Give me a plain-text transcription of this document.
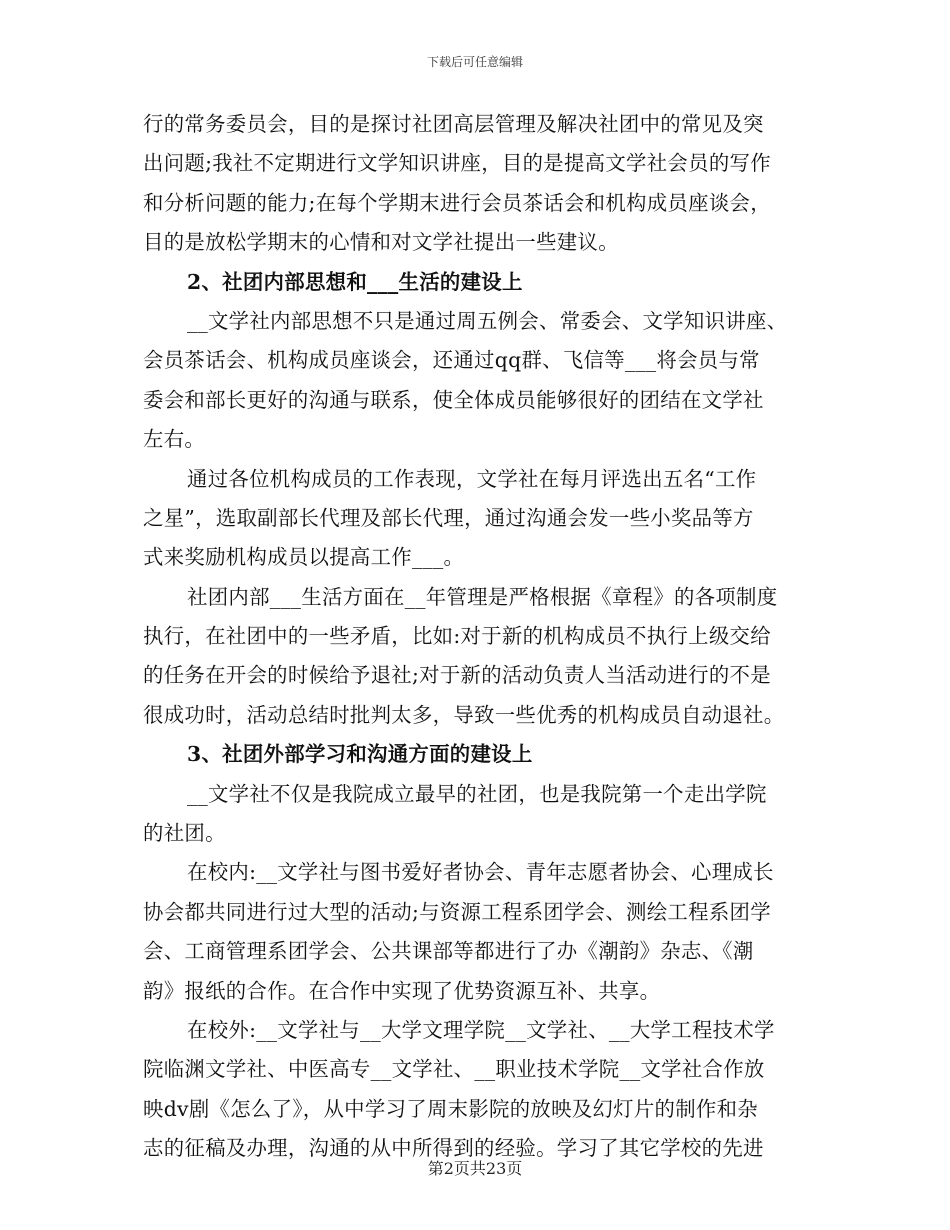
下载后可任意编辑
行的常务委员会，目的是探讨社团高层管理及解决社团中的常见及突
出问题;我社不定期进行文学知识讲座，目的是提高文学社会员的写作
和分析问题的能力;在每个学期末进行会员茶话会和机构成员座谈会，
目的是放松学期末的心情和对文学社提出一些建议。
2、社团内部思想和___生活的建设上
__文学社内部思想不只是通过周五例会、常委会、文学知识讲座、
会员茶话会、机构成员座谈会，还通过qq群、飞信等___将会员与常
委会和部长更好的沟通与联系，使全体成员能够很好的团结在文学社
左右。
通过各位机构成员的工作表现，文学社在每月评选出五名“工作
之星”，选取副部长代理及部长代理，通过沟通会发一些小奖品等方
式来奖励机构成员以提高工作___。
社团内部___生活方面在__年管理是严格根据《章程》的各项制度
执行，在社团中的一些矛盾，比如:对于新的机构成员不执行上级交给
的任务在开会的时候给予退社;对于新的活动负责人当活动进行的不是
很成功时，活动总结时批判太多，导致一些优秀的机构成员自动退社。
3、社团外部学习和沟通方面的建设上
__文学社不仅是我院成立最早的社团，也是我院第一个走出学院
的社团。
在校内:__文学社与图书爱好者协会、青年志愿者协会、心理成长
协会都共同进行过大型的活动;与资源工程系团学会、测绘工程系团学
会、工商管理系团学会、公共课部等都进行了办《潮韵》杂志、《潮
韵》报纸的合作。在合作中实现了优势资源互补、共享。
在校外:__文学社与__大学文理学院__文学社、__大学工程技术学
院临渊文学社、中医高专__文学社、__职业技术学院__文学社合作放
映dv剧《怎么了》，从中学习了周末影院的放映及幻灯片的制作和杂
志的征稿及办理，沟通的从中所得到的经验。学习了其它学校的先进
第2页共23页
